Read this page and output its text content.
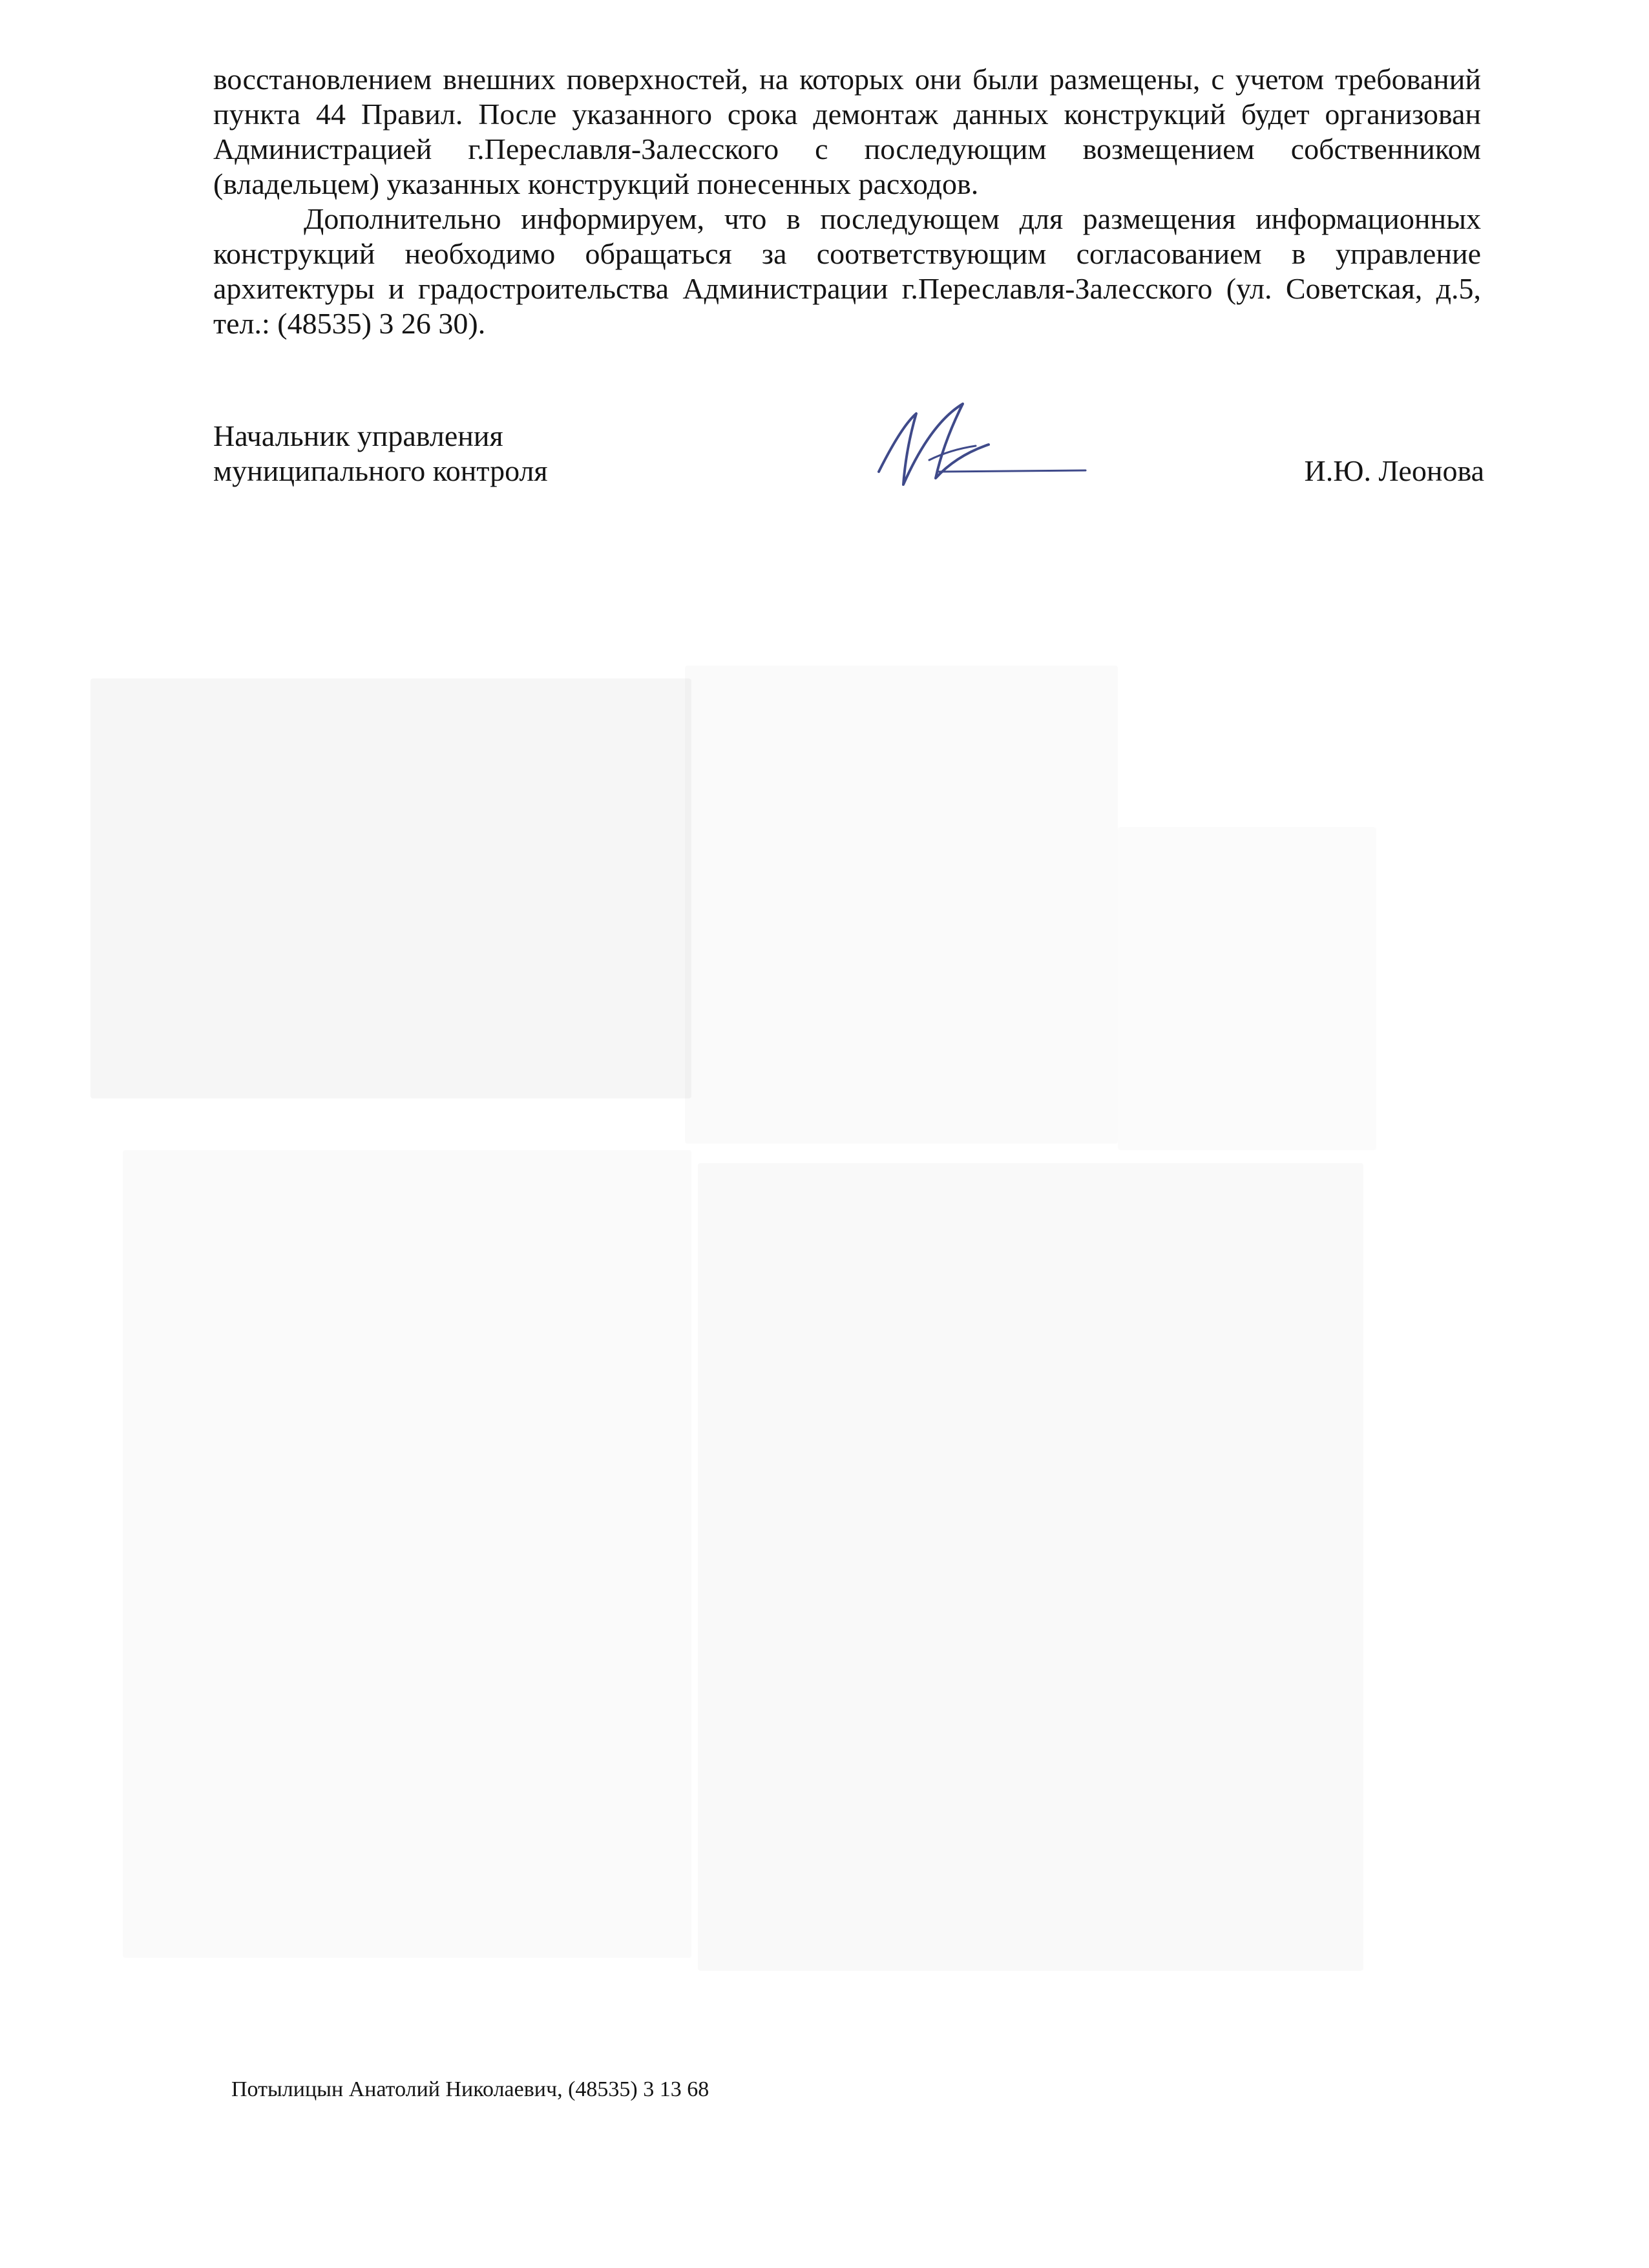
восстановлением внешних поверхностей, на которых они были размещены, с учетом требований пункта 44 Правил. После указанного срока демонтаж данных конструкций будет организован Администрацией г.Переславля-Залесского с последующим возмещением собственником (владельцем) указанных конструкций понесенных расходов.

Дополнительно информируем, что в последующем для размещения информационных конструкций необходимо обращаться за соответствующим согласованием в управление архитектуры и градостроительства Администрации г.Переславля-Залесского (ул. Советская, д.5, тел.: (48535) 3 26 30).

Начальник управления
муниципального контроля	И.Ю. Леонова
Потылицын Анатолий Николаевич, (48535) 3 13 68
